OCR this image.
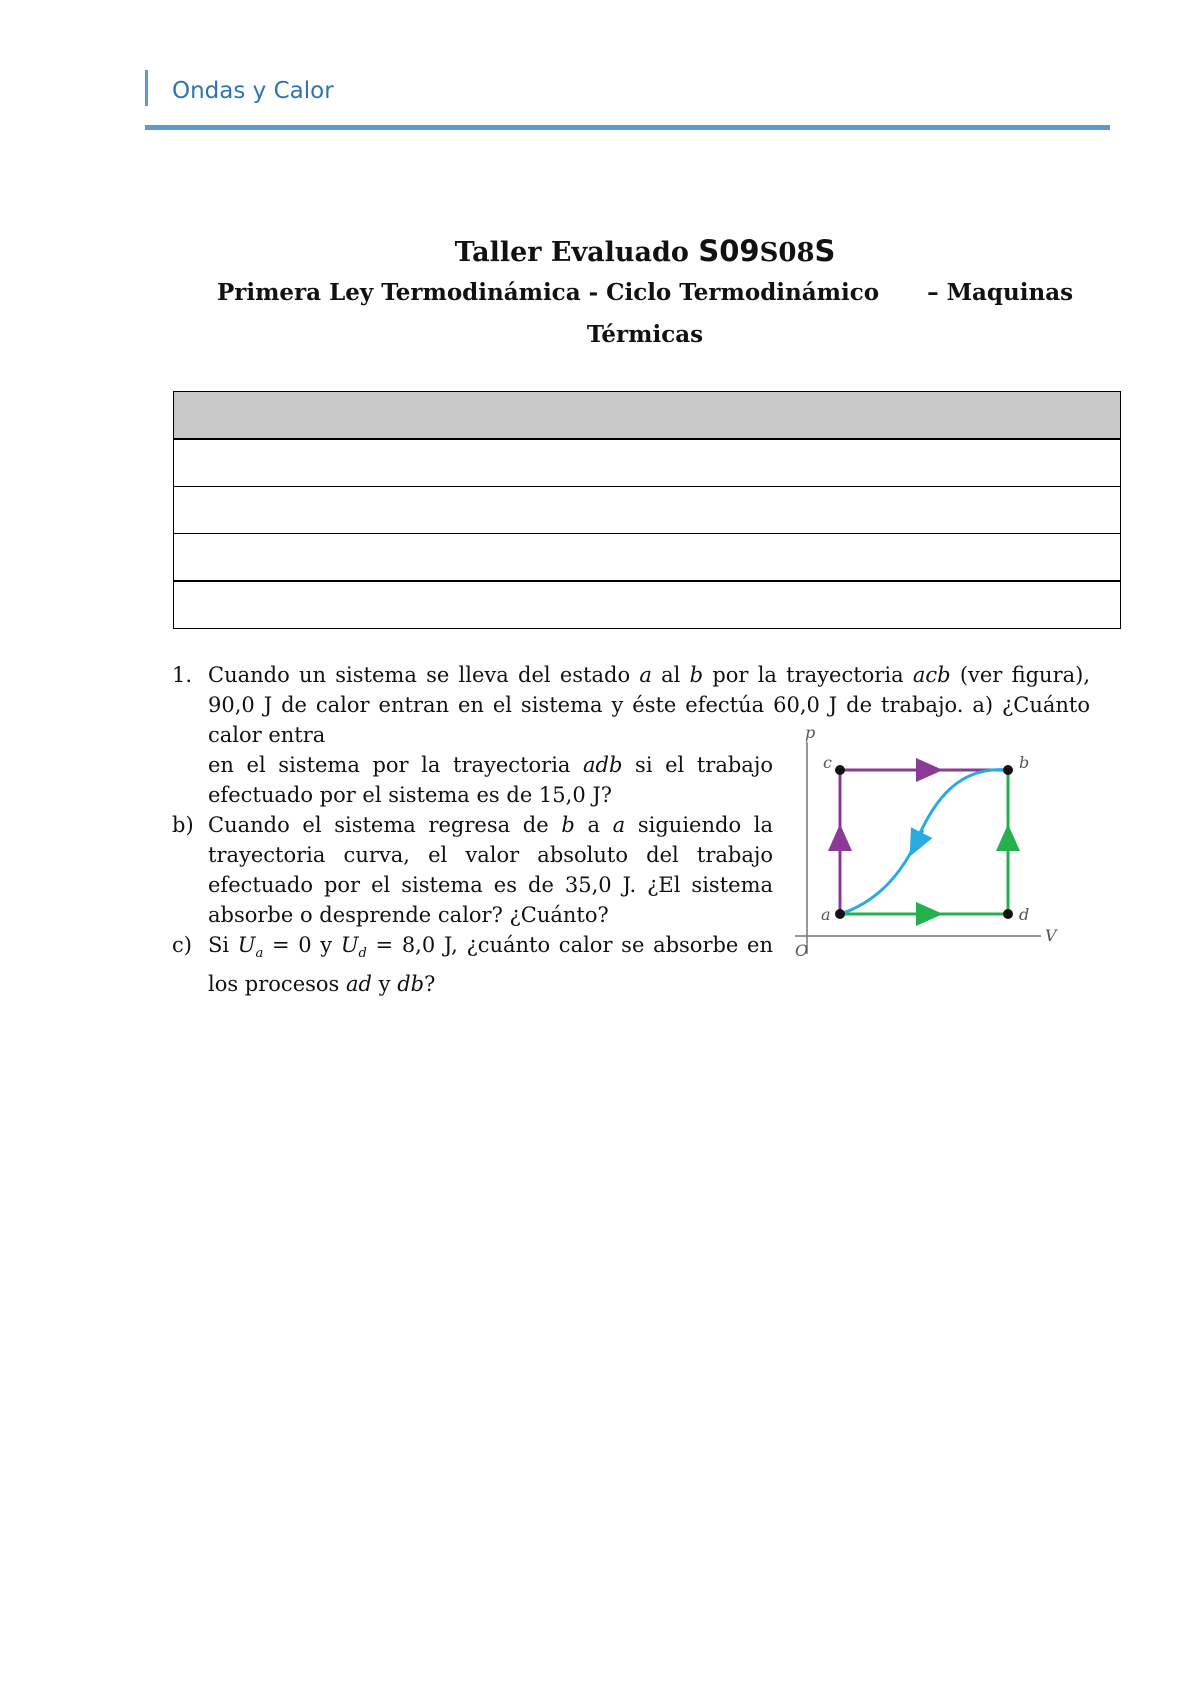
Ondas y Calor
Taller Evaluado S09S08S
Primera Ley Termodinámica - Ciclo Termodinámico – Maquinas
Térmicas

1. Cuando un sistema se lleva del estado a al b por la trayectoria acb (ver figura), 90,0 J de calor entran en el sistema y éste efectúa 60,0 J de trabajo. a) ¿Cuánto calor entra
en el sistema por la trayectoria adb si el trabajo efectuado por el sistema es de 15,0 J?
b) Cuando el sistema regresa de b a a siguiendo la trayectoria curva, el valor absoluto del trabajo efectuado por el sistema es de 35,0 J. ¿El sistema absorbe o desprende calor? ¿Cuánto?
c) Si $U_a = 0$ y $U_d = 8,0$ J, ¿cuánto calor se absorbe en los procesos ad y db?
p
V
O
a
b
c
d
